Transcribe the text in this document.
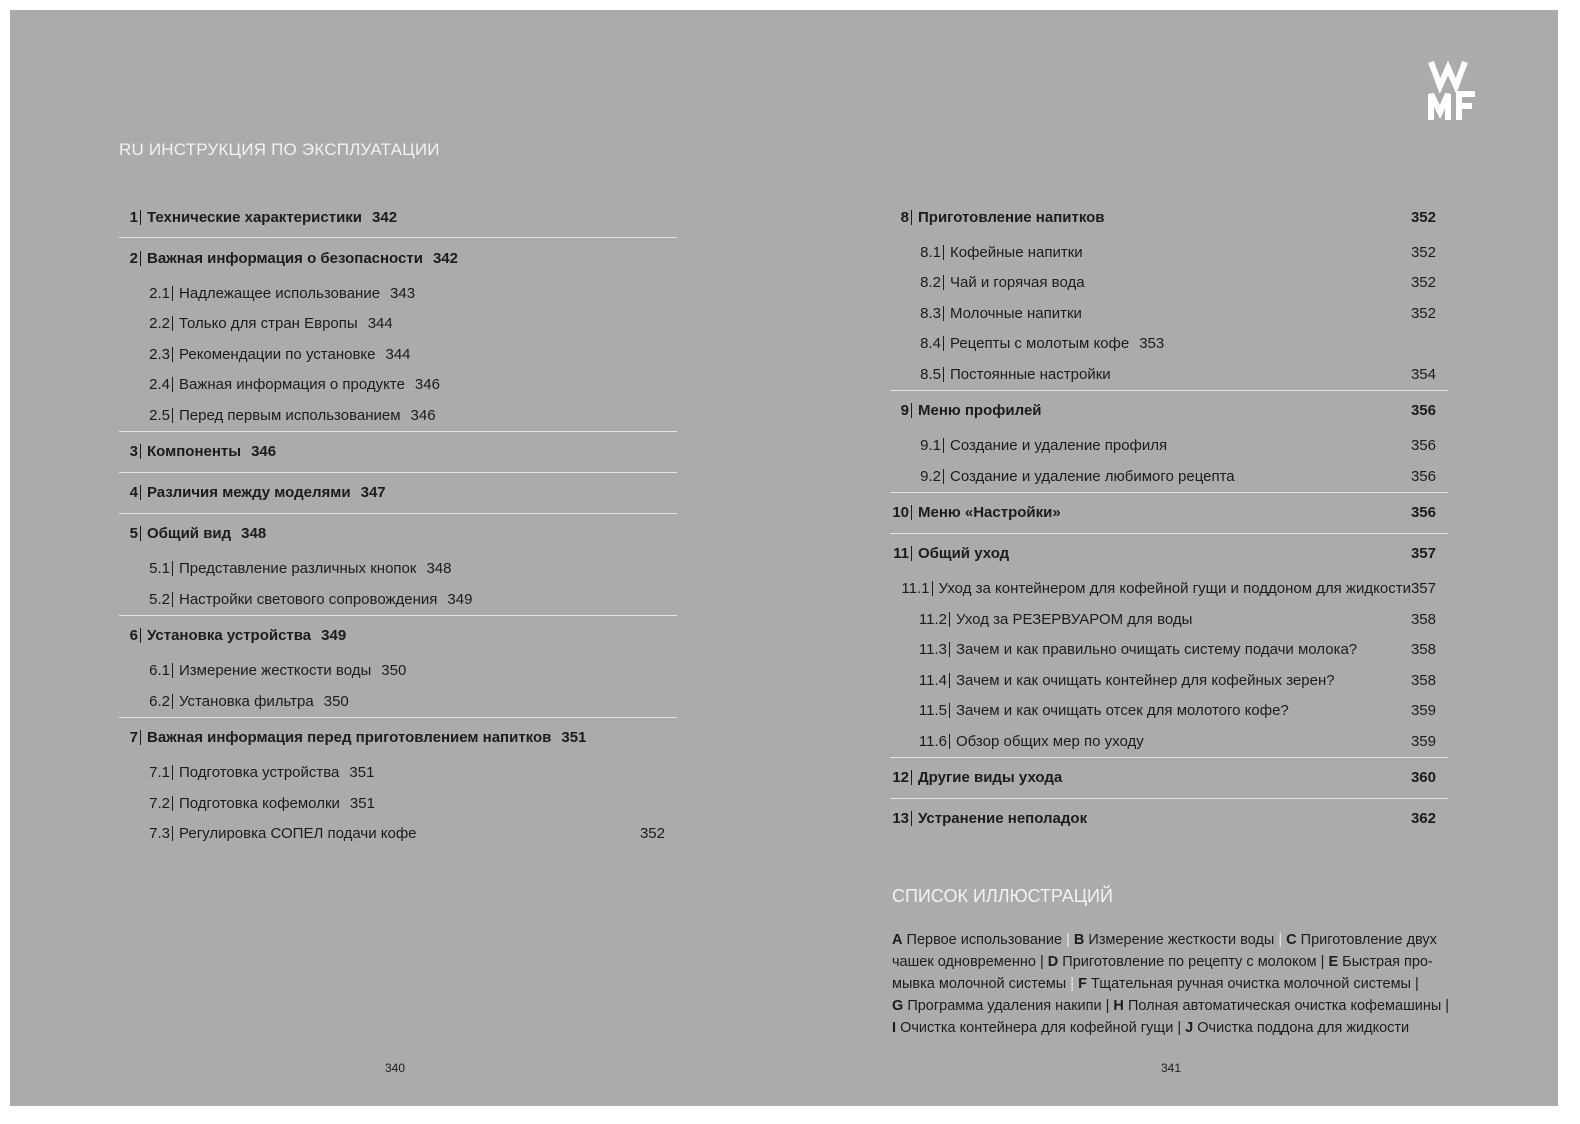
RU ИНСТРУКЦИЯ ПО ЭКСПЛУАТАЦИИ
1 Технические характеристики 342
2 Важная информация о безопасности 342
2.1 Надлежащее использование 343
2.2 Только для стран Европы 344
2.3 Рекомендации по установке 344
2.4 Важная информация о продукте 346
2.5 Перед первым использованием 346
3 Компоненты 346
4 Различия между моделями 347
5 Общий вид 348
5.1 Представление различных кнопок 348
5.2 Настройки светового сопровождения 349
6 Установка устройства 349
6.1 Измерение жесткости воды 350
6.2 Установка фильтра 350
7 Важная информация перед приготовлением напитков 351
7.1 Подготовка устройства 351
7.2 Подготовка кофемолки 351
7.3 Регулировка СОПЕЛ подачи кофе	352
8 Приготовление напитков	352
8.1 Кофейные напитки	352
8.2 Чай и горячая вода	352
8.3 Молочные напитки	352
8.4 Рецепты с молотым кофе 353
8.5 Постоянные настройки	354
9 Меню профилей	356
9.1 Создание и удаление профиля	356
9.2 Создание и удаление любимого рецепта	356
10 Меню «Настройки»	356
11 Общий уход	357
11.1 Уход за контейнером для кофейной гущи и поддоном для жидкости 357
11.2 Уход за РЕЗЕРВУАРОМ для воды	358
11.3 Зачем и как правильно очищать систему подачи молока?	358
11.4 Зачем и как очищать контейнер для кофейных зерен?	358
11.5 Зачем и как очищать отсек для молотого кофе?	359
11.6 Обзор общих мер по уходу	359
12 Другие виды ухода	360
13 Устранение неполадок	362
СПИСОК ИЛЛЮСТРАЦИЙ
A Первое использование | B Измерение жесткости воды | C Приготовление двух
чашек одновременно | D Приготовление по рецепту с молоком | E Быстрая про-
мывка молочной системы | F Тщательная ручная очистка молочной системы |
G Программа удаления накипи | H Полная автоматическая очистка кофемашины |
I Очистка контейнера для кофейной гущи | J Очистка поддона для жидкости
340	341
